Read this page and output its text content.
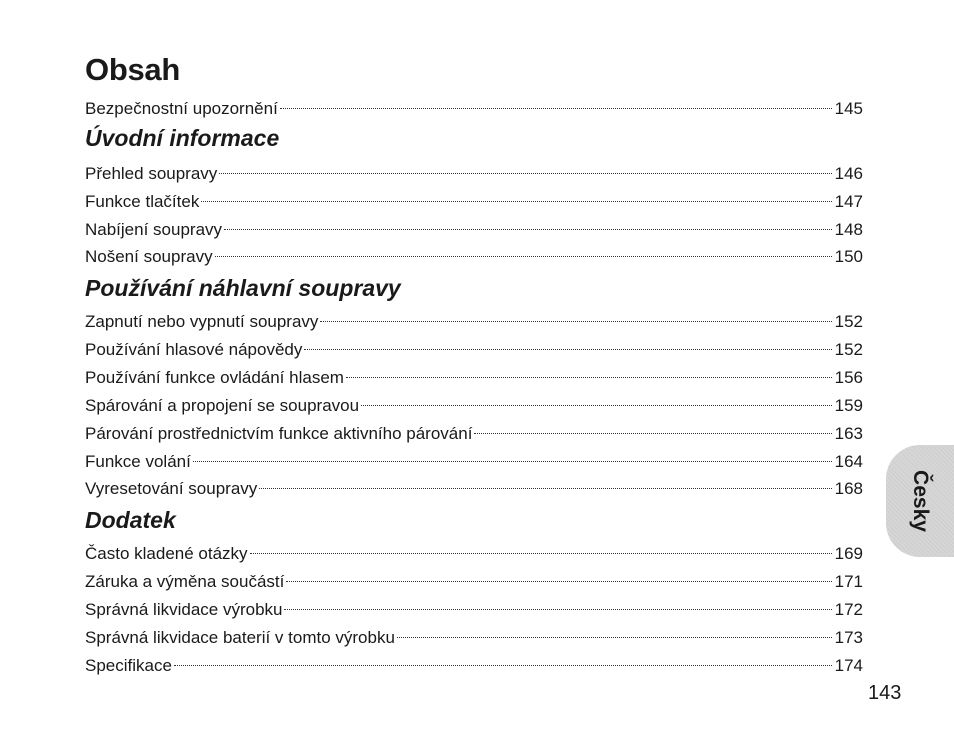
Obsah
Bezpečnostní upozornění	145
Úvodní informace
Přehled soupravy	146
Funkce tlačítek	147
Nabíjení soupravy	148
Nošení soupravy	150
Používání náhlavní soupravy
Zapnutí nebo vypnutí soupravy	152
Používání hlasové nápovědy	152
Používání funkce ovládání hlasem	156
Spárování a propojení se soupravou	159
Párování prostřednictvím funkce aktivního párování	163
Funkce volání	164
Vyresetování soupravy	168
Dodatek
Často kladené otázky	169
Záruka a výměna součástí	171
Správná likvidace výrobku	172
Správná likvidace baterií v tomto výrobku	173
Specifikace	174
Česky
143
